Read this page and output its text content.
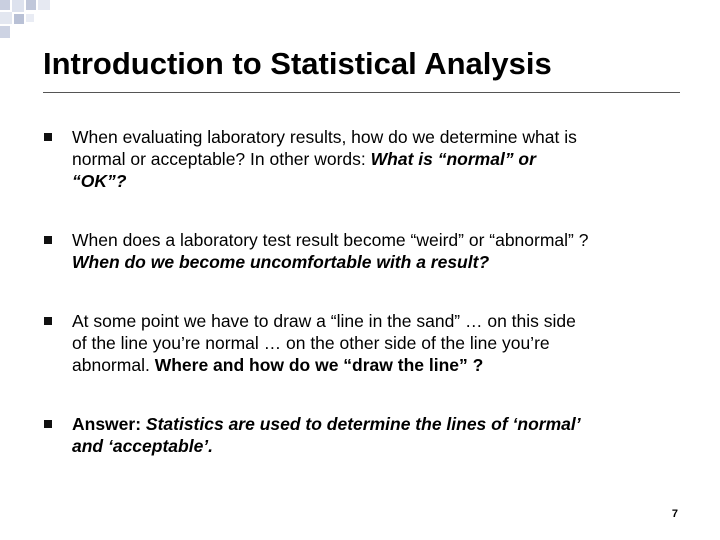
Introduction to Statistical Analysis
When evaluating laboratory results, how do we determine what is
normal or acceptable? In other words: What is “normal” or
“OK”?
When does a laboratory test result become “weird” or “abnormal” ?
When do we become uncomfortable with a result?
At some point we have to draw a “line in the sand” … on this side
of the line you’re normal … on the other side of the line you’re
abnormal. Where and how do we “draw the line” ?
Answer: Statistics are used to determine the lines of ‘normal’
and ‘acceptable’.
7
